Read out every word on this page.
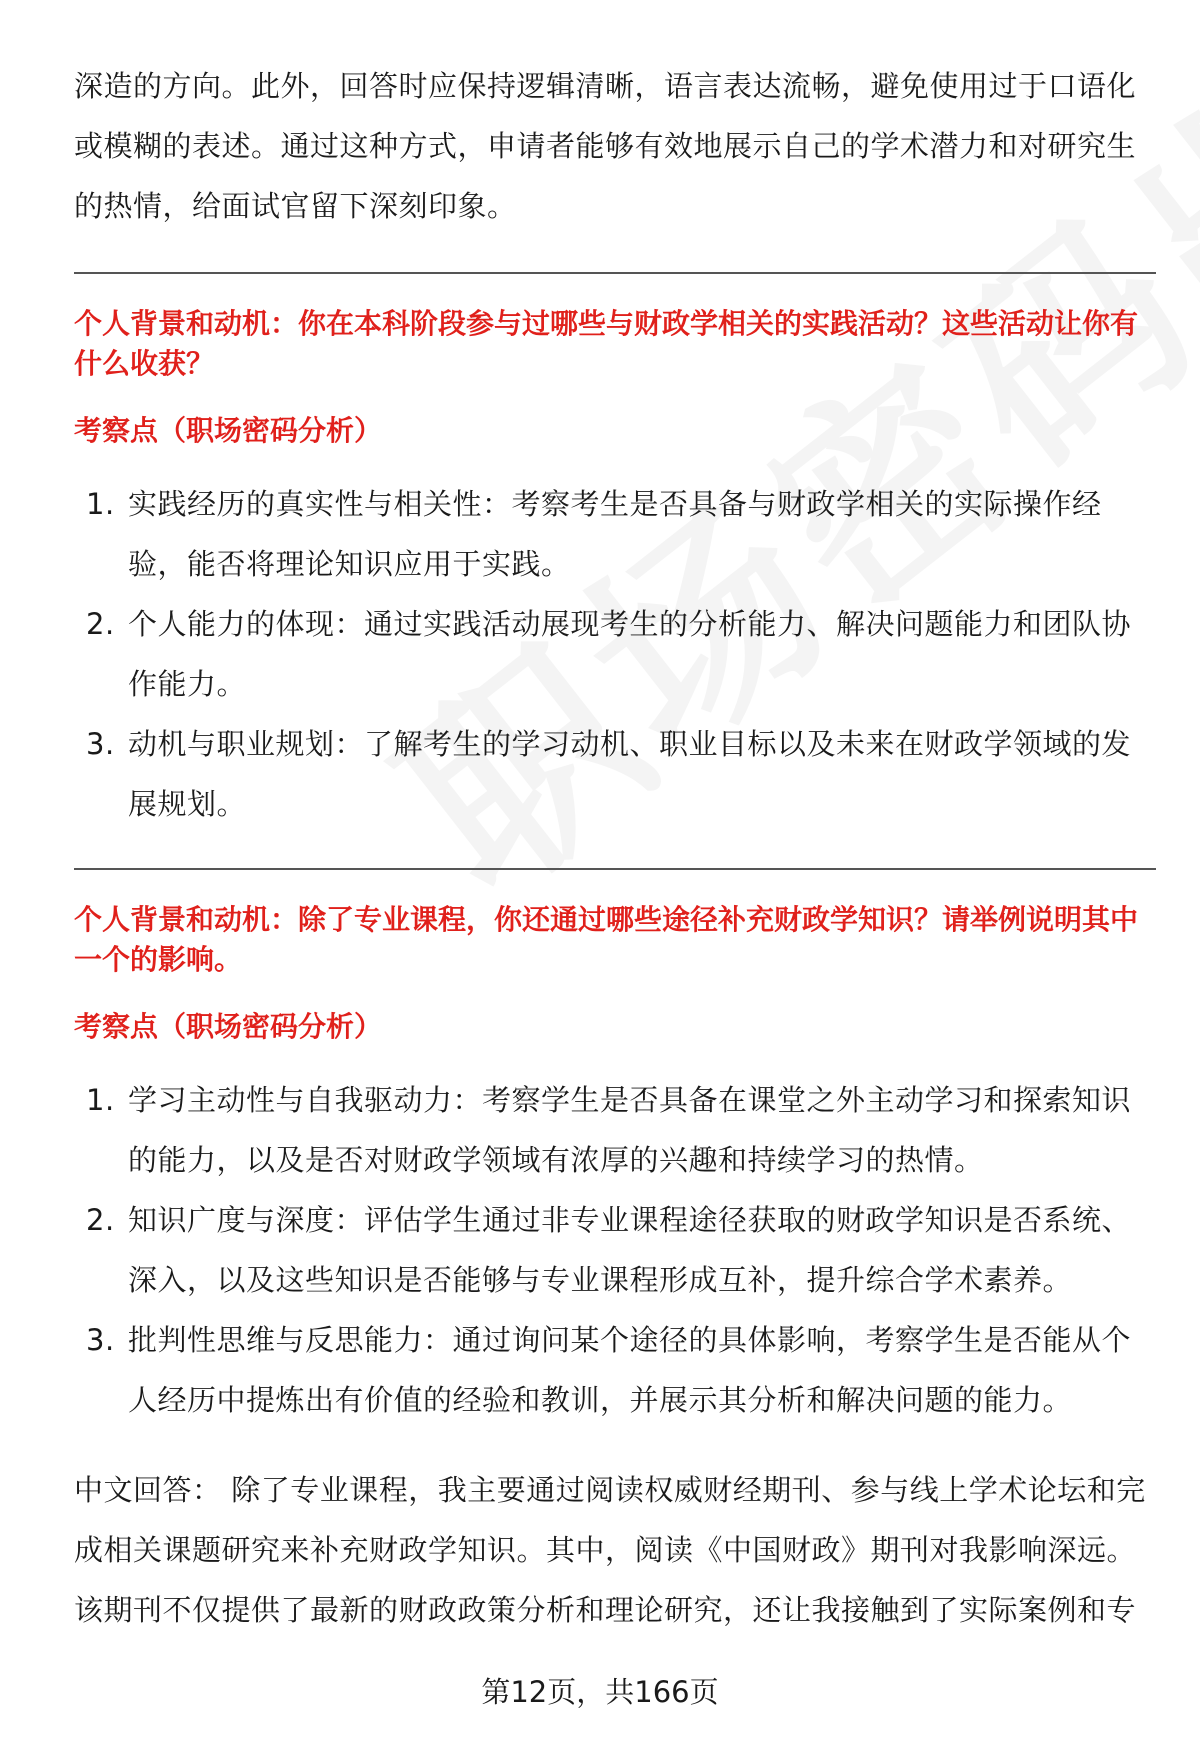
深造的方向。此外，回答时应保持逻辑清晰，语言表达流畅，避免使用过于口语化或模糊的表述。通过这种方式，申请者能够有效地展示自己的学术潜力和对研究生的热情，给面试官留下深刻印象。

个人背景和动机：你在本科阶段参与过哪些与财政学相关的实践活动？这些活动让你有什么收获？

考察点（职场密码分析）

1. 实践经历的真实性与相关性：考察考生是否具备与财政学相关的实际操作经验，能否将理论知识应用于实践。
2. 个人能力的体现：通过实践活动展现考生的分析能力、解决问题能力和团队协作能力。
3. 动机与职业规划：了解考生的学习动机、职业目标以及未来在财政学领域的发展规划。

个人背景和动机：除了专业课程，你还通过哪些途径补充财政学知识？请举例说明其中一个的影响。

考察点（职场密码分析）

1. 学习主动性与自我驱动力：考察学生是否具备在课堂之外主动学习和探索知识的能力，以及是否对财政学领域有浓厚的兴趣和持续学习的热情。
2. 知识广度与深度：评估学生通过非专业课程途径获取的财政学知识是否系统、深入，以及这些知识是否能够与专业课程形成互补，提升综合学术素养。
3. 批判性思维与反思能力：通过询问某个途径的具体影响，考察学生是否能从个人经历中提炼出有价值的经验和教训，并展示其分析和解决问题的能力。

中文回答： 除了专业课程，我主要通过阅读权威财经期刊、参与线上学术论坛和完成相关课题研究来补充财政学知识。其中，阅读《中国财政》期刊对我影响深远。该期刊不仅提供了最新的财政政策分析和理论研究，还让我接触到了实际案例和专

第12页，共166页
